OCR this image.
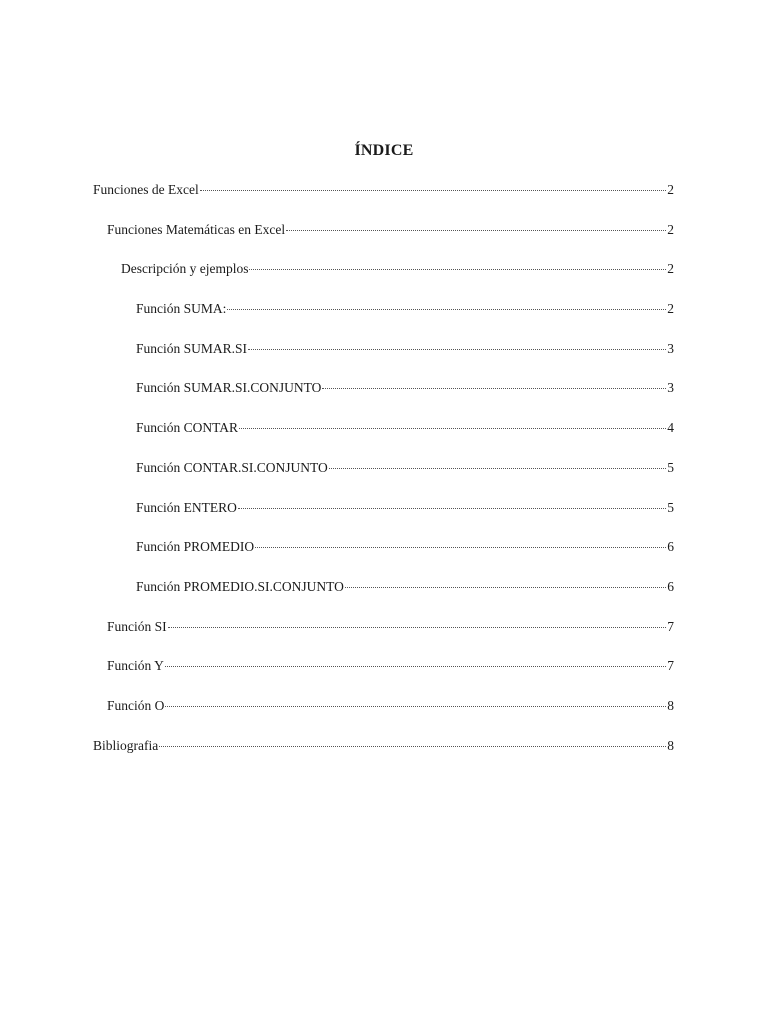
ÍNDICE
Funciones de Excel	2
Funciones Matemáticas en Excel	2
Descripción y ejemplos	2
Función SUMA:	2
Función SUMAR.SI	3
Función SUMAR.SI.CONJUNTO	3
Función CONTAR	4
Función CONTAR.SI.CONJUNTO	5
Función ENTERO	5
Función PROMEDIO	6
Función PROMEDIO.SI.CONJUNTO	6
Función SI	7
Función Y	7
Función O	8
Bibliografia	8
